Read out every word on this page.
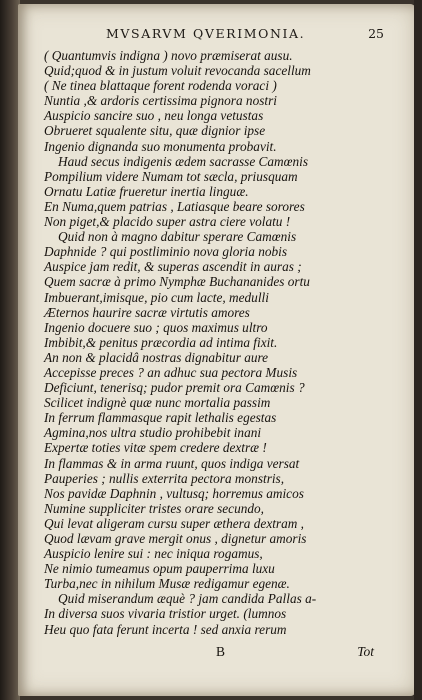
MVSARVM QVERIMONIA.	25
( Quantumvis indigna ) novo præmiserat ausu.
Quid;quod & in justum voluit revocanda sacellum
( Ne tinea blattaque forent rodenda voraci )
Nuntia ,& ardoris certissima pignora nostri
Auspicio sancire suo , neu longa vetustas
Obrueret squalente situ, quæ dignior ipse
Ingenio dignanda suo monumenta probavit.
Haud secus indigenis ædem sacrasse Camœnis
Pompilium videre Numam tot sæcla, priusquam
Ornatu Latiæ frueretur inertia linguæ.
En Numa,quem patrias , Latiasque beare sorores
Non piget,& placido super astra ciere volatu !
Quid non à magno dabitur sperare Camœnis
Daphnide ? qui postliminio nova gloria nobis
Auspice jam redit, & superas ascendit in auras ;
Quem sacræ à primo Nymphæ Buchananides ortu
Imbuerant,imisque, pio cum lacte, medulli
Æternos haurire sacræ virtutis amores
Ingenio docuere suo ; quos maximus ultro
Imbibit,& penitus præcordia ad intima fixit.
An non & placidâ nostras dignabitur aure
Accepisse preces ? an adhuc sua pectora Musis
Deficiunt, tenerisq; pudor premit ora Camœnis ?
Scilicet indignè quæ nunc mortalia passim
In ferrum flammasque rapit lethalis egestas
Agmina,nos ultra studio prohibebit inani
Expertæ toties vitæ spem credere dextræ !
In flammas & in arma ruunt, quos indiga versat
Pauperies ; nullis exterrita pectora monstris,
Nos pavidæ Daphnin , vultusq; horremus amicos
Numine suppliciter tristes orare secundo,
Qui levat aligeram cursu super æthera dextram ,
Quod lævam grave mergit onus , dignetur amoris
Auspicio lenire sui : nec iniqua rogamus,
Ne nimio tumeamus opum pauperrima luxu
Turba,nec in nihilum Musæ redigamur egenæ.
Quid miserandum æquè ? jam candida Pallas a-
In diversa suos vivaria tristior urget. (lumnos
Heu quo fata ferunt incerta ! sed anxia rerum
B	Tot
